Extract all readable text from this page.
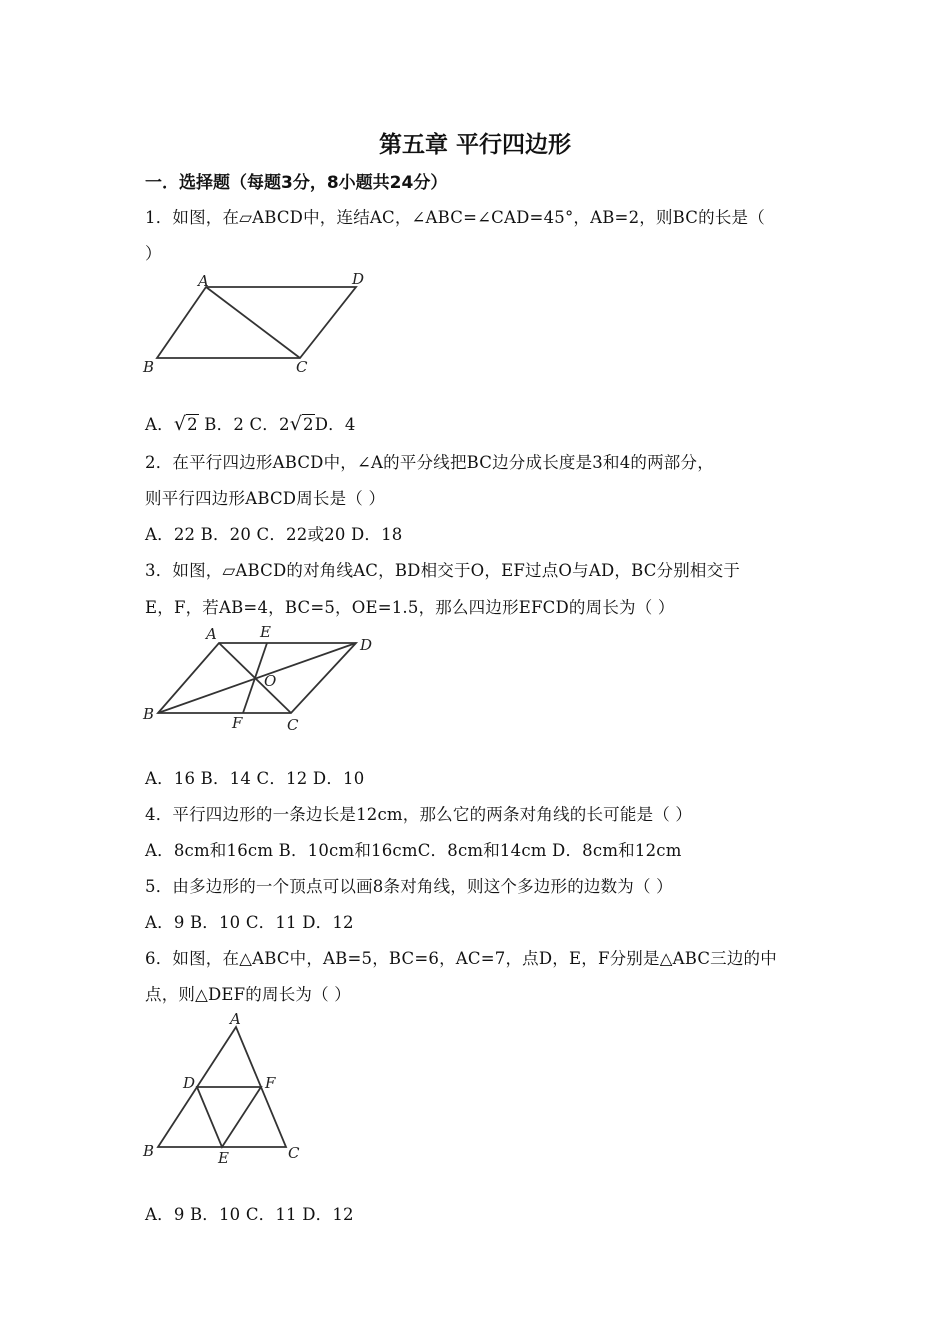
第五章 平行四边形
一．选择题（每题3分，8小题共24分）
1．如图，在▱ABCD中，连结AC，∠ABC=∠CAD=45°，AB=2，则BC的长是（
）
A	D
B	C
A．√2 B．2 C．2√2D．4
2．在平行四边形ABCD中，∠A的平分线把BC边分成长度是3和4的两部分，
则平行四边形ABCD周长是（ ）
A．22 B．20 C．22或20 D．18
3．如图，▱ABCD的对角线AC，BD相交于O，EF过点O与AD，BC分别相交于
E，F，若AB=4，BC=5，OE=1.5，那么四边形EFCD的周长为（ ）
A	E
D
O
B	F	C
A．16 B．14 C．12 D．10
4．平行四边形的一条边长是12cm，那么它的两条对角线的长可能是（ ）
A．8cm和16cm B．10cm和16cmC．8cm和14cm D．8cm和12cm
5．由多边形的一个顶点可以画8条对角线，则这个多边形的边数为（ ）
A．9 B．10 C．11 D．12
6．如图，在△ABC中，AB=5，BC=6，AC=7，点D，E，F分别是△ABC三边的中
点，则△DEF的周长为（ ）
A
D	F
B	E	C
A．9 B．10 C．11 D．12
